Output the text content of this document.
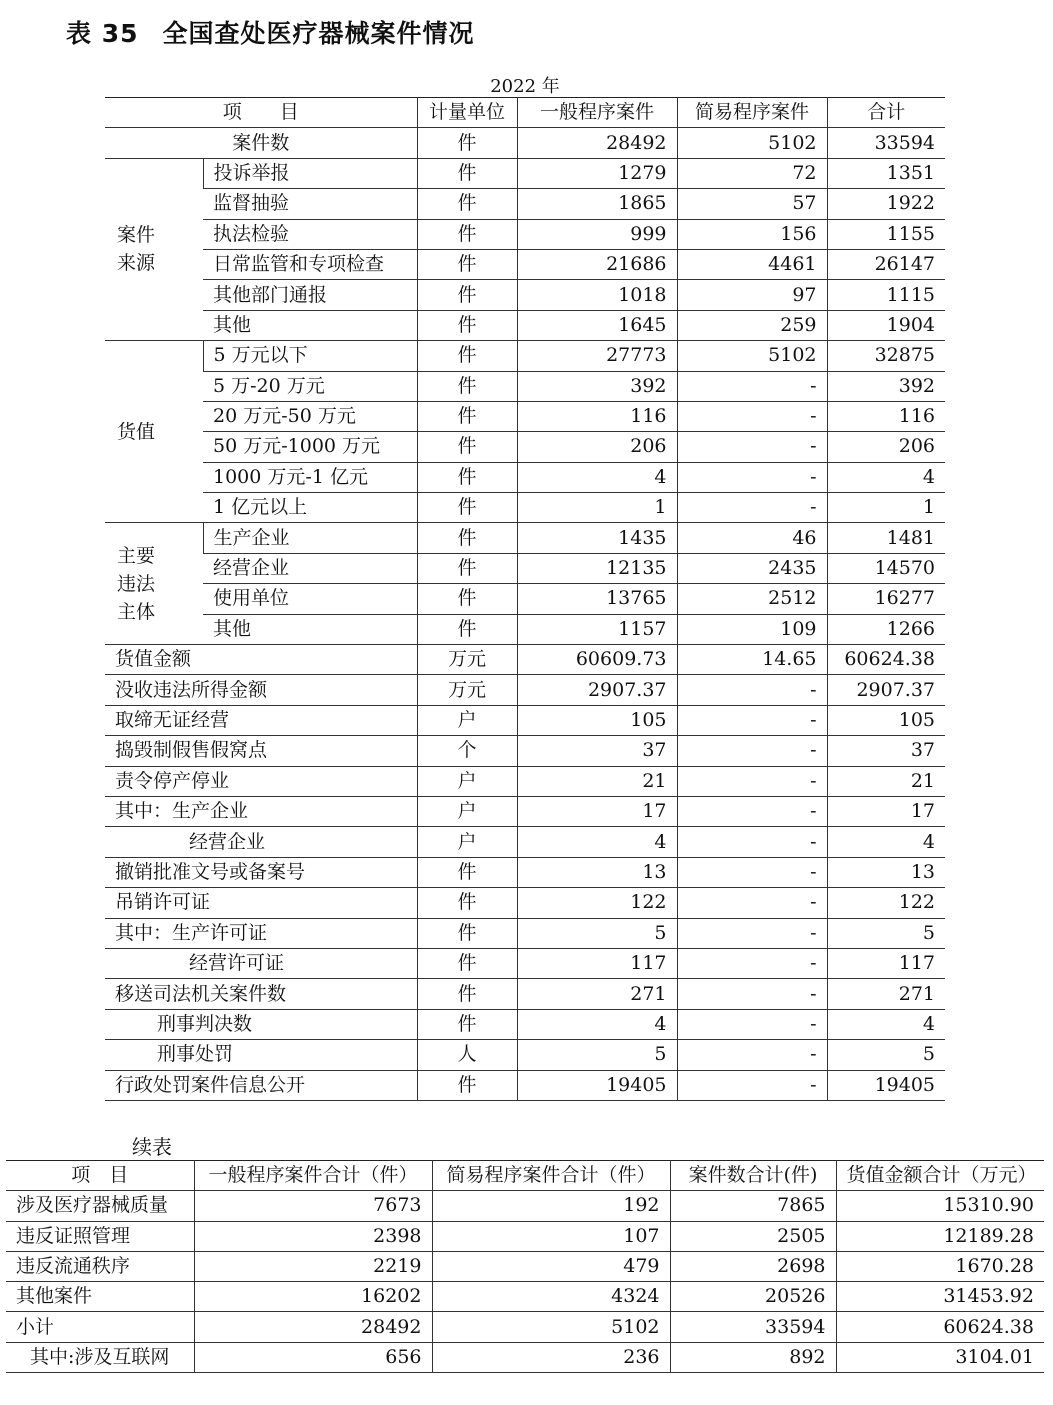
表 35 全国查处医疗器械案件情况
2022 年
项　　目		计量单位	一般程序案件	简易程序案件	合计
案件数		件	28492	5102	33594
案件
来源	投诉举报	件	1279	72	1351
	监督抽验	件	1865	57	1922
	执法检验	件	999	156	1155
	日常监管和专项检查	件	21686	4461	26147
	其他部门通报	件	1018	97	1115
	其他	件	1645	259	1904
货值	5 万元以下	件	27773	5102	32875
	5 万-20 万元	件	392	-	392
	20 万元-50 万元	件	116	-	116
	50 万元-1000 万元	件	206	-	206
	1000 万元-1 亿元	件	4	-	4
	1 亿元以上	件	1	-	1
主要
违法
主体	生产企业	件	1435	46	1481
	经营企业	件	12135	2435	14570
	使用单位	件	13765	2512	16277
	其他	件	1157	109	1266
货值金额		万元	60609.73	14.65	60624.38
没收违法所得金额		万元	2907.37	-	2907.37
取缔无证经营		户	105	-	105
捣毁制假售假窝点		个	37	-	37
责令停产停业		户	21	-	21
其中：生产企业		户	17	-	17
经营企业		户	4	-	4
撤销批准文号或备案号		件	13	-	13
吊销许可证		件	122	-	122
其中：生产许可证		件	5	-	5
经营许可证		件	117	-	117
移送司法机关案件数		件	271	-	271
刑事判决数		件	4	-	4
刑事处罚		人	5	-	5
行政处罚案件信息公开		件	19405	-	19405
续表
项　目	一般程序案件合计（件）	简易程序案件合计（件）	案件数合计(件)	货值金额合计（万元）
涉及医疗器械质量	7673	192	7865	15310.90
违反证照管理	2398	107	2505	12189.28
违反流通秩序	2219	479	2698	1670.28
其他案件	16202	4324	20526	31453.92
小计	28492	5102	33594	60624.38
其中:涉及互联网	656	236	892	3104.01
